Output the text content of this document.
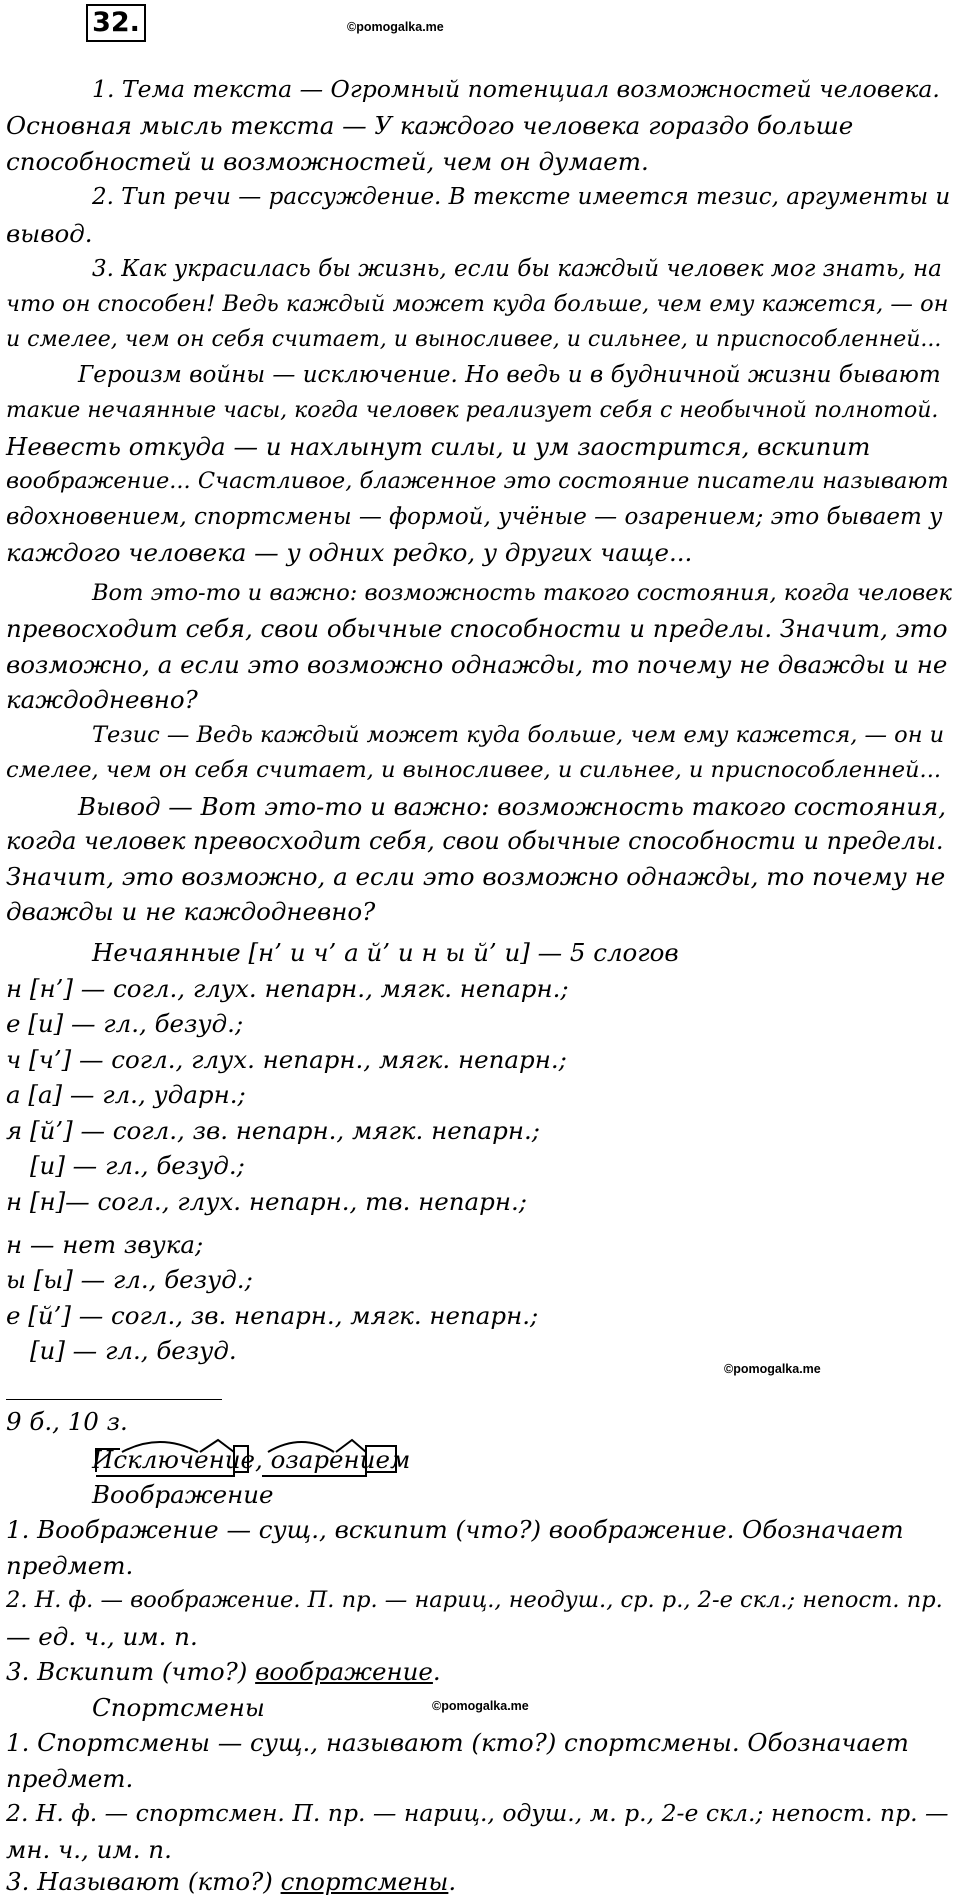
32.	©pomogalka.me
1. Тема текста — Огромный потенциал возможностей человека.
Основная мысль текста — У каждого человека гораздо больше
способностей и возможностей, чем он думает.
2. Тип речи — рассуждение. В тексте имеется тезис, аргументы и
вывод.
3. Как украсилась бы жизнь, если бы каждый человек мог знать, на
что он способен! Ведь каждый может куда больше, чем ему кажется, — он
и смелее, чем он себя считает, и выносливее, и сильнее, и приспособленней...
Героизм войны — исключение. Но ведь и в будничной жизни бывают
такие нечаянные часы, когда человек реализует себя с необычной полнотой.
Невесть откуда — и нахлынут силы, и ум заострится, вскипит
воображение... Счастливое, блаженное это состояние писатели называют
вдохновением, спортсмены — формой, учёные — озарением; это бывает у
каждого человека — у одних редко, у других чаще...
Вот это-то и важно: возможность такого состояния, когда человек
превосходит себя, свои обычные способности и пределы. Значит, это
возможно, а если это возможно однажды, то почему не дважды и не
каждодневно?
Тезис — Ведь каждый может куда больше, чем ему кажется, — он и
смелее, чем он себя считает, и выносливее, и сильнее, и приспособленней...
Вывод — Вот это-то и важно: возможность такого состояния,
когда человек превосходит себя, свои обычные способности и пределы.
Значит, это возможно, а если это возможно однажды, то почему не
дважды и не каждодневно?
Нечаянные [н’ и ч’ а й’ и н ы й’ и] — 5 слогов
н [н’] — согл., глух. непарн., мягк. непарн.;
е [и] — гл., безуд.;
ч [ч’] — согл., глух. непарн., мягк. непарн.;
а [а] — гл., ударн.;
я [й’] — согл., зв. непарн., мягк. непарн.;
[и] — гл., безуд.;
н [н]— согл., глух. непарн., тв. непарн.;
н — нет звука;
ы [ы] — гл., безуд.;
е [й’] — согл., зв. непарн., мягк. непарн.;
[и] — гл., безуд.
©pomogalka.me
9 б., 10 з.
Исключение, озарением
Воображение
1. Воображение — сущ., вскипит (что?) воображение. Обозначает
предмет.
2. Н. ф. — воображение. П. пр. — нариц., неодуш., ср. р., 2-е скл.; непост. пр.
— ед. ч., им. п.
3. Вскипит (что?) воображение.
Спортсмены	©pomogalka.me
1. Спортсмены — сущ., называют (кто?) спортсмены. Обозначает
предмет.
2. Н. ф. — спортсмен. П. пр. — нариц., одуш., м. р., 2-е скл.; непост. пр. —
мн. ч., им. п.
3. Называют (кто?) спортсмены.
